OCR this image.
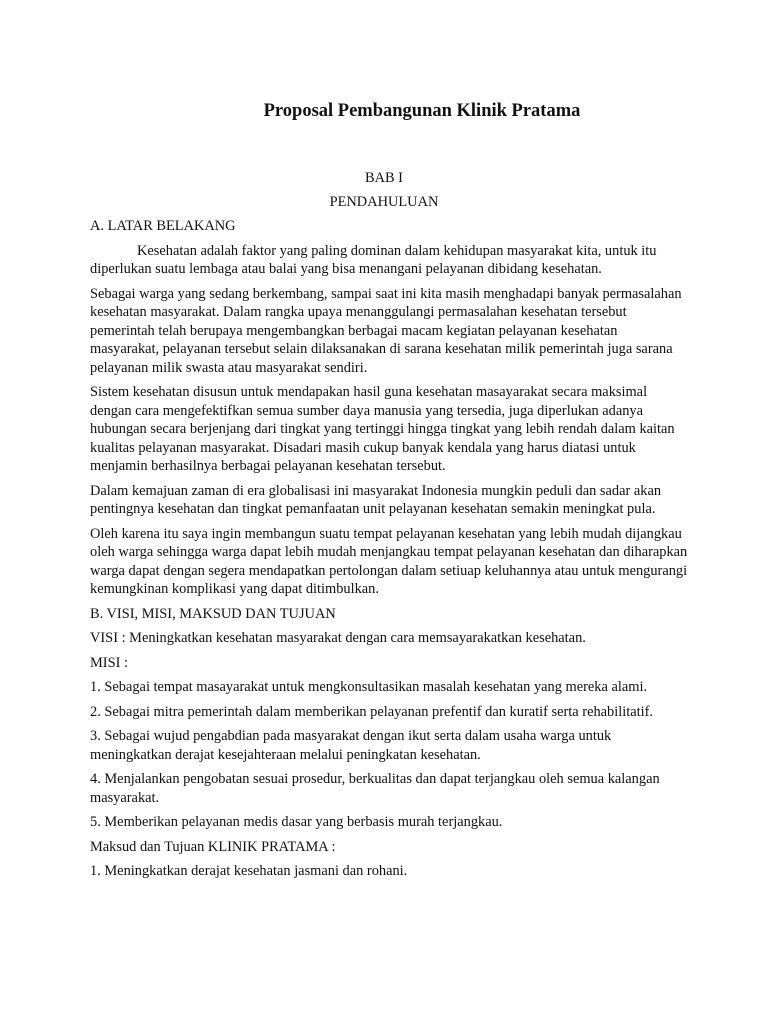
Proposal Pembangunan Klinik Pratama
BAB I
PENDAHULUAN

A. LATAR BELAKANG

Kesehatan adalah faktor yang paling dominan dalam kehidupan masyarakat kita, untuk itu diperlukan suatu lembaga atau balai yang bisa menangani pelayanan dibidang kesehatan.

Sebagai warga yang sedang berkembang, sampai saat ini kita masih menghadapi banyak permasalahan kesehatan masyarakat. Dalam rangka upaya menanggulangi permasalahan kesehatan tersebut pemerintah telah berupaya mengembangkan berbagai macam kegiatan pelayanan kesehatan masyarakat, pelayanan tersebut selain dilaksanakan di sarana kesehatan milik pemerintah juga sarana pelayanan milik swasta atau masyarakat sendiri.

Sistem kesehatan disusun untuk mendapakan hasil guna kesehatan masayarakat secara maksimal dengan cara mengefektifkan semua sumber daya manusia yang tersedia, juga diperlukan adanya hubungan secara berjenjang dari tingkat yang tertinggi hingga tingkat yang lebih rendah dalam kaitan kualitas pelayanan masyarakat. Disadari masih cukup banyak kendala yang harus diatasi untuk menjamin berhasilnya berbagai pelayanan kesehatan tersebut.

Dalam kemajuan zaman di era globalisasi ini masyarakat Indonesia mungkin peduli dan sadar akan pentingnya kesehatan dan tingkat pemanfaatan unit pelayanan kesehatan semakin meningkat pula.

Oleh karena itu saya ingin membangun suatu tempat pelayanan kesehatan yang lebih mudah dijangkau oleh warga sehingga warga dapat lebih mudah menjangkau tempat pelayanan kesehatan dan diharapkan warga dapat dengan segera mendapatkan pertolongan dalam setiuap keluhannya atau untuk mengurangi kemungkinan komplikasi yang dapat ditimbulkan.

B. VISI, MISI, MAKSUD DAN TUJUAN

VISI : Meningkatkan kesehatan masyarakat dengan cara memsayarakatkan kesehatan.

MISI :

1. Sebagai tempat masayarakat untuk mengkonsultasikan masalah kesehatan yang mereka alami.

2. Sebagai mitra pemerintah dalam memberikan pelayanan prefentif dan kuratif serta rehabilitatif.

3. Sebagai wujud pengabdian pada masyarakat dengan ikut serta dalam usaha warga untuk meningkatkan derajat kesejahteraan melalui peningkatan kesehatan.

4. Menjalankan pengobatan sesuai prosedur, berkualitas dan dapat terjangkau oleh semua kalangan masyarakat.

5. Memberikan pelayanan medis dasar yang berbasis murah terjangkau.

Maksud dan Tujuan KLINIK PRATAMA :

1. Meningkatkan derajat kesehatan jasmani dan rohani.
